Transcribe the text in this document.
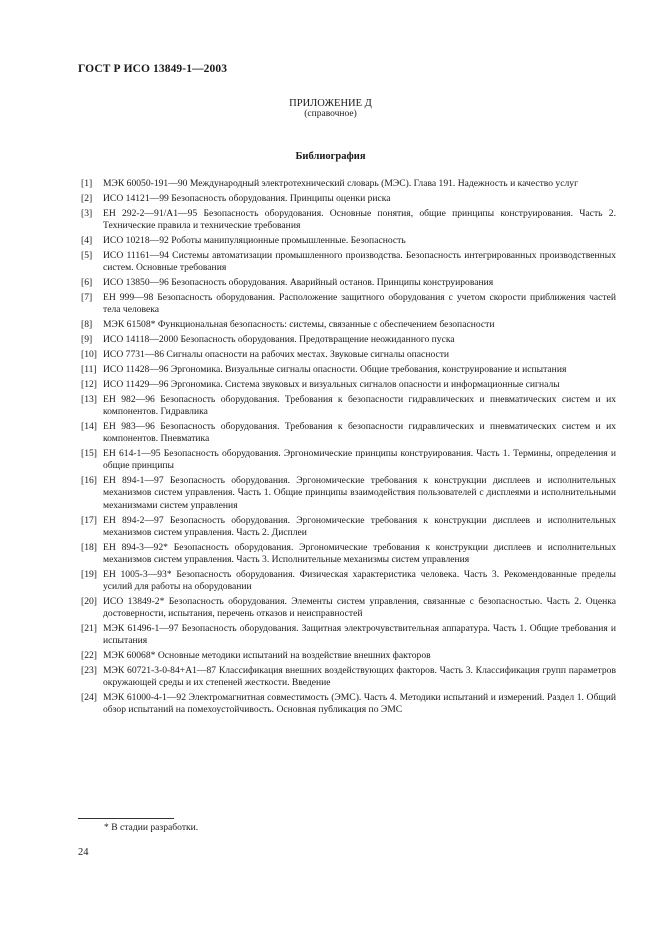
ГОСТ Р ИСО 13849-1—2003
ПРИЛОЖЕНИЕ Д
(справочное)
Библиография
[1] МЭК 60050-191—90 Международный электротехнический словарь (МЭС). Глава 191. Надежность и качество услуг
[2] ИСО 14121—99 Безопасность оборудования. Принципы оценки риска
[3] ЕН 292-2—91/А1—95 Безопасность оборудования. Основные понятия, общие принципы конструирования. Часть 2. Технические правила и технические требования
[4] ИСО 10218—92 Роботы манипуляционные промышленные. Безопасность
[5] ИСО 11161—94 Системы автоматизации промышленного производства. Безопасность интегрированных производственных систем. Основные требования
[6] ИСО 13850—96 Безопасность оборудования. Аварийный останов. Принципы конструирования
[7] ЕН 999—98 Безопасность оборудования. Расположение защитного оборудования с учетом скорости приближения частей тела человека
[8] МЭК 61508* Функциональная безопасность: системы, связанные с обеспечением безопасности
[9] ИСО 14118—2000 Безопасность оборудования. Предотвращение неожиданного пуска
[10] ИСО 7731—86 Сигналы опасности на рабочих местах. Звуковые сигналы опасности
[11] ИСО 11428—96 Эргономика. Визуальные сигналы опасности. Общие требования, конструирование и испытания
[12] ИСО 11429—96 Эргономика. Система звуковых и визуальных сигналов опасности и информационные сигналы
[13] ЕН 982—96 Безопасность оборудования. Требования к безопасности гидравлических и пневматических систем и их компонентов. Гидравлика
[14] ЕН 983—96 Безопасность оборудования. Требования к безопасности гидравлических и пневматических систем и их компонентов. Пневматика
[15] ЕН 614-1—95 Безопасность оборудования. Эргономические принципы конструирования. Часть 1. Термины, определения и общие принципы
[16] ЕН 894-1—97 Безопасность оборудования. Эргономические требования к конструкции дисплеев и исполнительных механизмов систем управления. Часть 1. Общие принципы взаимодействия пользователей с дисплеями и исполнительными механизмами систем управления
[17] ЕН 894-2—97 Безопасность оборудования. Эргономические требования к конструкции дисплеев и исполнительных механизмов систем управления. Часть 2. Дисплеи
[18] ЕН 894-3—92* Безопасность оборудования. Эргономические требования к конструкции дисплеев и исполнительных механизмов систем управления. Часть 3. Исполнительные механизмы систем управления
[19] ЕН 1005-3—93* Безопасность оборудования. Физическая характеристика человека. Часть 3. Рекомендованные пределы усилий для работы на оборудовании
[20] ИСО 13849-2* Безопасность оборудования. Элементы систем управления, связанные с безопасностью. Часть 2. Оценка достоверности, испытания, перечень отказов и неисправностей
[21] МЭК 61496-1—97 Безопасность оборудования. Защитная электрочувствительная аппаратура. Часть 1. Общие требования и испытания
[22] МЭК 60068* Основные методики испытаний на воздействие внешних факторов
[23] МЭК 60721-3-0-84+А1—87 Классификация внешних воздействующих факторов. Часть 3. Классификация групп параметров окружающей среды и их степеней жесткости. Введение
[24] МЭК 61000-4-1—92 Электромагнитная совместимость (ЭМС). Часть 4. Методики испытаний и измерений. Раздел 1. Общий обзор испытаний на помехоустойчивость. Основная публикация по ЭМС
* В стадии разработки.
24
